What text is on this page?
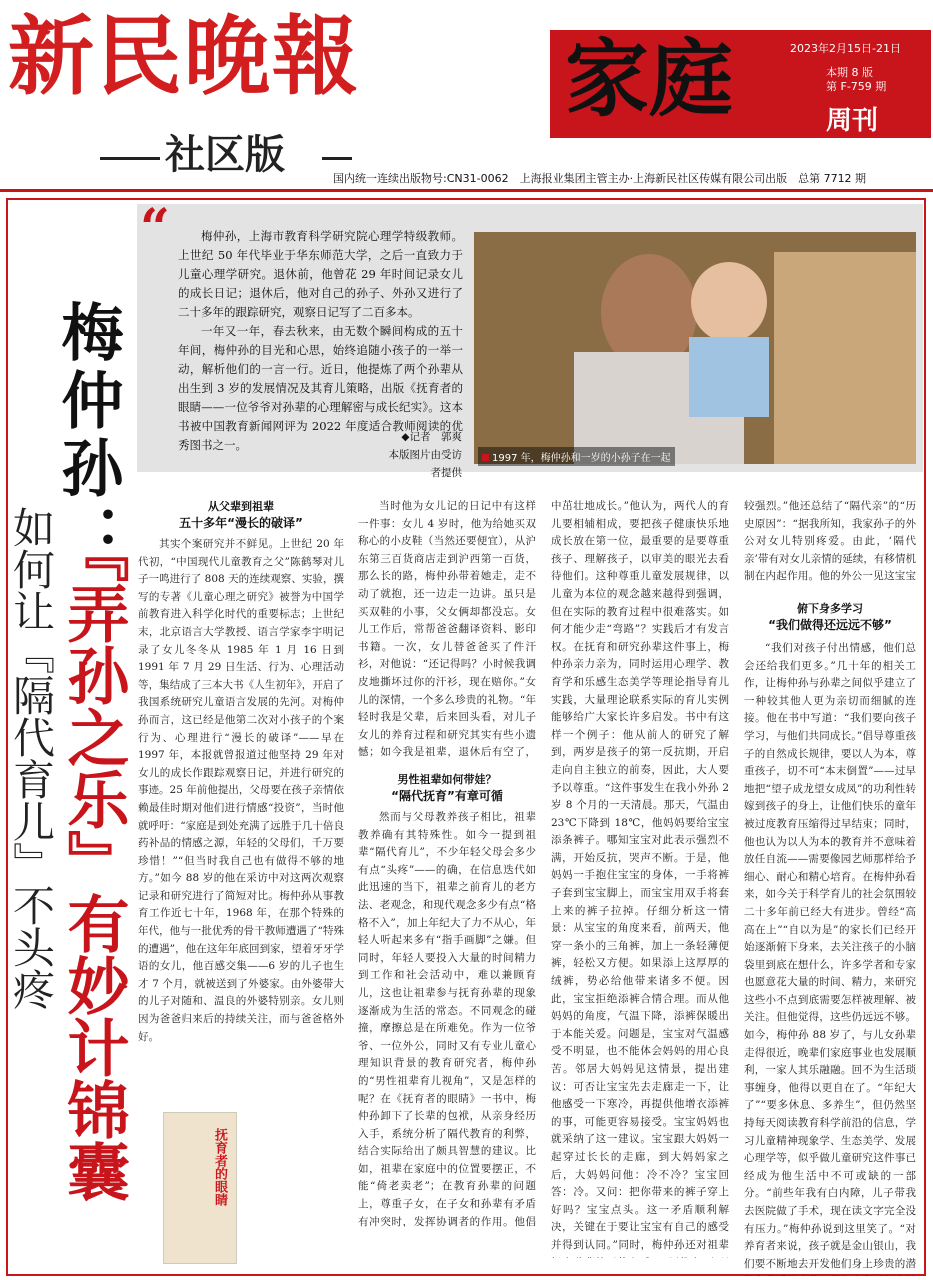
新民晚報
社区版
家庭	2023年2月15日-21日
本期 8 版
第 F-759 期
周刊
国内统一连续出版物号:CN31-0062　上海报业集团主管主办·上海新民社区传媒有限公司出版　总第 7712 期
“	梅仲孙，上海市教育科学研究院心理学特级教师。上世纪 50 年代毕业于华东师范大学，之后一直致力于儿童心理学研究。退休前，他曾花 29 年时间记录女儿的成长日记；退休后，他对自己的孙子、外孙又进行了二十多年的跟踪研究，观察日记写了二百多本。

一年又一年，春去秋来，由无数个瞬间构成的五十年间，梅仲孙的目光和心思，始终追随小孩子的一举一动，解析他们的一言一行。近日，他提炼了两个孙辈从出生到 3 岁的发展情况及其育儿策略，出版《抚育者的眼睛——一位爷爷对孙辈的心理解密与成长纪实》。这本书被中国教育新闻网评为 2022 年度适合教师阅读的优秀图书之一。

◆记者　郭爽
本版图片由受访者提供
1997 年，梅仲孙和一岁的小孙子在一起
梅仲孙：
『弄孙之乐』有妙计锦囊
如何让『隔代育儿』不头疼	从父辈到祖辈
五十多年“漫长的破译”

其实个案研究并不鲜见。上世纪 20 年代初，“中国现代儿童教育之父”陈鹤琴对儿子一鸣进行了 808 天的连续观察、实验，撰写的专著《儿童心理之研究》被誉为中国学前教育进入科学化时代的重要标志；上世纪末，北京语言大学教授、语言学家李宇明记录了女儿冬冬从 1985 年 1 月 16 日到 1991 年 7 月 29 日生活、行为、心理活动等，集结成了三本大书《人生初年》，开启了我国系统研究儿童语言发展的先河。对梅仲孙而言，这已经是他第二次对小孩子的个案行为、心理进行“漫长的破译”——早在 1997 年，本报就曾报道过他坚持 29 年对女儿的成长作跟踪观察日记，并进行研究的事迹。25 年前他提出，父母要在孩子亲情依赖最佳时期对他们进行情感“投资”，当时他就呼吁：“家庭是到处充满了远胜于几十倍良药补品的情感之源，年轻的父母们，千万要珍惜！”“但当时我自己也有做得不够的地方。”如今 88 岁的他在采访中对这两次观察记录和研究进行了简短对比。梅仲孙从事教育工作近七十年，1968 年，在那个特殊的年代，他与一批优秀的骨干教师遭遇了“特殊的遭遇”，他在这年年底回到家，望着牙牙学语的女儿，他百感交集——6 岁的儿子也生才 7 个月，就被送到了外婆家。由外婆带大的儿子对随和、温良的外婆特别亲。女儿则因为爸爸归来后的持续关注，而与爸爸格外好。

抚育者的眼睛

当时他为女儿记的日记中有这样一件事：女儿 4 岁时，他为给她买双称心的小皮鞋（当然还要便宜），从沪东第三百货商店走到沪西第一百货，那么长的路，梅仲孙带着她走，走不动了就抱，还一边走一边讲。虽只是买双鞋的小事，父女俩却都没忘。女儿工作后，常帮爸爸翻译资料、影印书籍。一次，女儿替爸爸买了件汗衫，对他说：“还记得吗？小时候我调皮地撕坏过你的汗衫，现在赔你。”女儿的深情，一个多么珍贵的礼物。“年轻时我是父辈，后来回头看，对儿子女儿的养育过程和研究其实有些小遗憾；如今我是祖辈，退休后有空了，

男性祖辈如何带娃？
“隔代抚育”有章可循

然而与父母教养孩子相比，祖辈教养确有其特殊性。如今一提到祖辈“隔代育儿”，不少年轻父母会多少有点“头疼”——的确，在信息迭代如此迅速的当下，祖辈之前育儿的老方法、老观念，和现代观念多少有点“格格不入”，加上年纪大了力不从心，年轻人听起来多有“指手画脚”之嫌。但同时，年轻人要投入大量的时间精力到工作和社会活动中，难以兼顾育儿，这也让祖辈参与抚育孙辈的现象逐渐成为生活的常态。不同观念的碰撞，摩擦总是在所难免。作为一位爷爷、一位外公，同时又有专业儿童心理知识背景的教育研究者，梅仲孙的“男性祖辈育儿视角”，又是怎样的呢？在《抚育者的眼睛》一书中，梅仲孙卸下了长辈的包袱，从亲身经历入手，系统分析了隔代教育的利弊，结合实际给出了颇具智慧的建议。比如，祖辈在家庭中的位置要摆正，不能“倚老卖老”；在教育孙辈的问题上，尊重子女，在子女和孙辈有矛盾有冲突时，发挥协调者的作用。他倡

中茁壮地成长。”他认为，两代人的育儿要相辅相成，要把孩子健康快乐地成长放在第一位，最重要的是要尊重孩子、理解孩子，以审美的眼光去看待他们。这种尊重儿童发展规律，以儿童为本位的观念越来越得到强调，但在实际的教育过程中很难落实。如何才能少走“弯路”？实践后才有发言权。在抚育和研究孙辈这件事上，梅仲孙亲力亲为，同时运用心理学、教育学和乐感生态美学等理论指导育儿实践，大量理论联系实际的育儿实例能够给广大家长许多启发。书中有这样一个例子：他从前人的研究了解到，两岁是孩子的第一反抗期，开启走向自主独立的前奏，因此，大人要予以尊重。“这件事发生在我小外孙 2 岁 8 个月的一天清晨。那天，气温由 23℃下降到 18℃，他妈妈要给宝宝添条裤子。哪知宝宝对此表示强烈不满，开始反抗，哭声不断。于是，他妈妈一手抱住宝宝的身体，一手将裤子套到宝宝脚上，而宝宝用双手将套上来的裤子拉掉。仔细分析这一情景：从宝宝的角度来看，前两天，他穿一条小的三角裤，加上一条轻薄便裤，轻松又方便。如果添上这厚厚的绒裤，势必给他带来诸多不便。因此，宝宝拒绝添裤合情合理。而从他妈妈的角度，气温下降，添裤保暖出于本能关爱。问题是，宝宝对气温感受不明显，也不能体会妈妈的用心良苦。邻居大妈妈见这情景，提出建议：可否让宝宝先去走廊走一下，让他感受一下寒冷，再提供他增衣添裤的事，可能更容易接受。宝宝妈妈也就采纳了这一建议。宝宝跟大妈妈一起穿过长长的走廊，到大妈妈家之后，大妈妈问他：冷不冷？宝宝回答：冷。又问：把你带来的裤子穿上好吗？宝宝点头。这一矛盾顺利解决，关键在于要让宝宝有自己的感受并得到认同。”同时，梅仲孙还对祖辈

较强烈。”他还总结了“隔代亲”的“历史原因”：“据我所知，我家孙子的外公对女儿特别疼爱。由此，‘隔代亲’带有对女儿亲情的延续，有移情机制在内起作用。他的外公一见这宝宝

俯下身多学习
“我们做得还远远不够”

“我们对孩子付出情感，他们总会还给我们更多。”几十年的相关工作，让梅仲孙与孙辈之间似乎建立了一种较其他人更为亲切而细腻的连接。他在书中写道：“我们要向孩子学习，与他们共同成长。”倡导尊重孩子的自然成长规律，要以人为本，尊重孩子，切不可“本末倒置”——过早地把“望子成龙望女成凤”的功利性转嫁到孩子的身上，让他们快乐的童年被过度教育压缩得过早结束；同时，他也认为以人为本的教育并不意味着放任自流——需要像园艺师那样给予细心、耐心和精心培育。在梅仲孙看来，如今关于科学育儿的社会氛围较二十多年前已经大有进步。曾经“高高在上”“自以为是”的家长们已经开始逐渐俯下身来，去关注孩子的小脑袋里到底在想什么，许多学者和专家也愿意花大量的时间、精力，来研究这些小不点到底需要怎样被理解、被关注。但他觉得，这些仍远远不够。如今，梅仲孙 88 岁了，与儿女孙辈走得很近，晚辈们家庭事业也发展顺利，一家人其乐融融。回不为生活琐事缠身，他得以更自在了。“年纪大了”“要多休息、多养生”，但仍然坚持每天阅读教育科学前沿的信息，学习儿童精神现象学、生态美学、发展心理学等，似乎做儿童研究这件事已经成为他生活中不可或缺的一部分。“前些年我有白内障，儿子带我去医院做了手术，现在读文字完全没有压力。”梅仲孙说到这里笑了。“对养育者来说，孩子就是金山银山，我们要不断地去开发他们身上珍贵的潜
